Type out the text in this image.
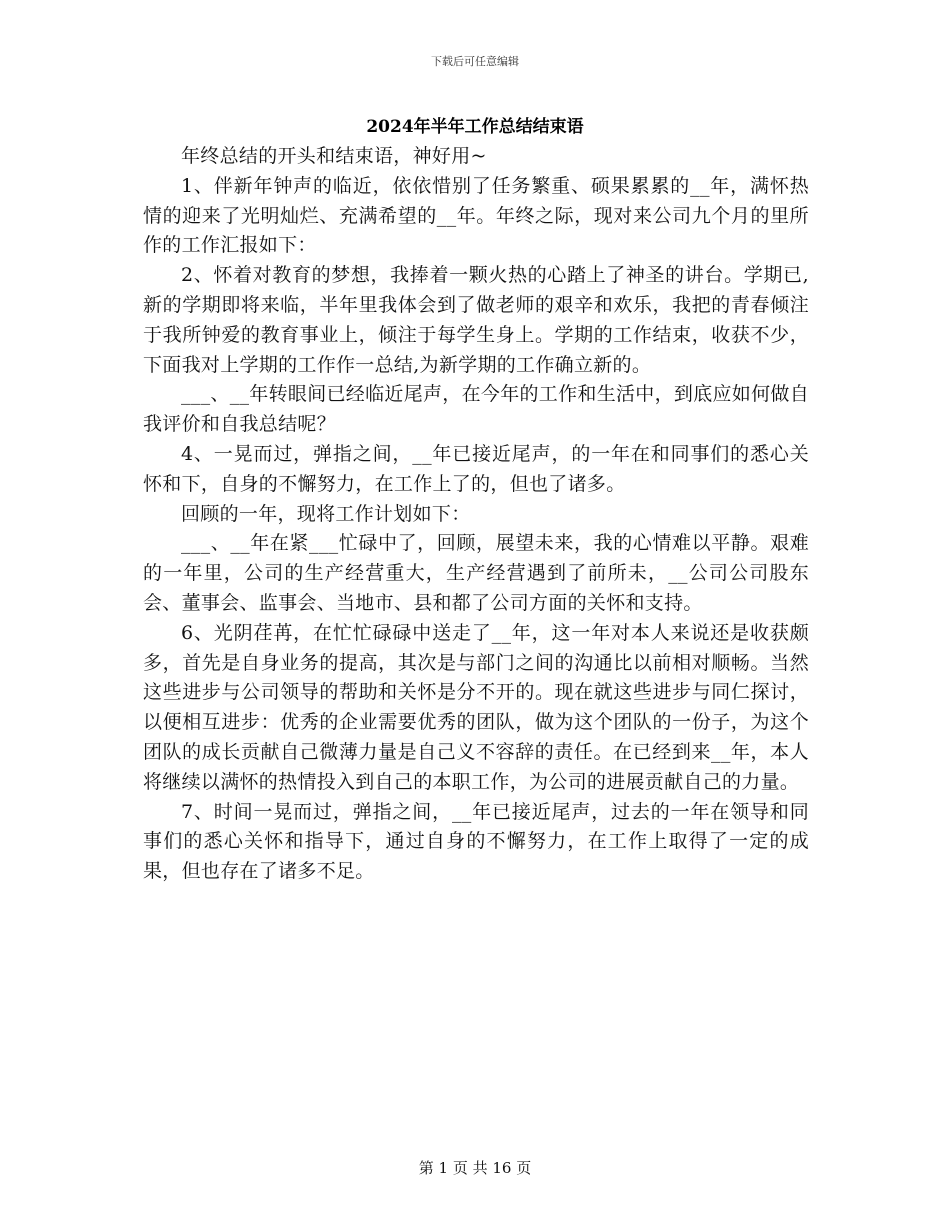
下载后可任意编辑
2024年半年工作总结结束语

年终总结的开头和结束语，神好用~

1、伴新年钟声的临近，依依惜别了任务繁重、硕果累累的__年，满怀热情的迎来了光明灿烂、充满希望的__年。年终之际，现对来公司九个月的里所作的工作汇报如下：

2、怀着对教育的梦想，我捧着一颗火热的心踏上了神圣的讲台。学期已,新的学期即将来临，半年里我体会到了做老师的艰辛和欢乐，我把的青春倾注于我所钟爱的教育事业上，倾注于每学生身上。学期的工作结束，收获不少，下面我对上学期的工作作一总结,为新学期的工作确立新的。

___、__年转眼间已经临近尾声，在今年的工作和生活中，到底应如何做自我评价和自我总结呢？

4、一晃而过，弹指之间，__年已接近尾声，的一年在和同事们的悉心关怀和下，自身的不懈努力，在工作上了的，但也了诸多。

回顾的一年，现将工作计划如下：

___、__年在紧___忙碌中了，回顾，展望未来，我的心情难以平静。艰难的一年里，公司的生产经营重大，生产经营遇到了前所未，__公司公司股东会、董事会、监事会、当地市、县和都了公司方面的关怀和支持。

6、光阴荏苒，在忙忙碌碌中送走了__年，这一年对本人来说还是收获颇多，首先是自身业务的提高，其次是与部门之间的沟通比以前相对顺畅。当然这些进步与公司领导的帮助和关怀是分不开的。现在就这些进步与同仁探讨，以便相互进步：优秀的企业需要优秀的团队，做为这个团队的一份子，为这个团队的成长贡献自己微薄力量是自己义不容辞的责任。在已经到来__年，本人将继续以满怀的热情投入到自己的本职工作，为公司的进展贡献自己的力量。

7、时间一晃而过，弹指之间，__年已接近尾声，过去的一年在领导和同事们的悉心关怀和指导下，通过自身的不懈努力，在工作上取得了一定的成果，但也存在了诸多不足。

第 1 页 共 16 页
